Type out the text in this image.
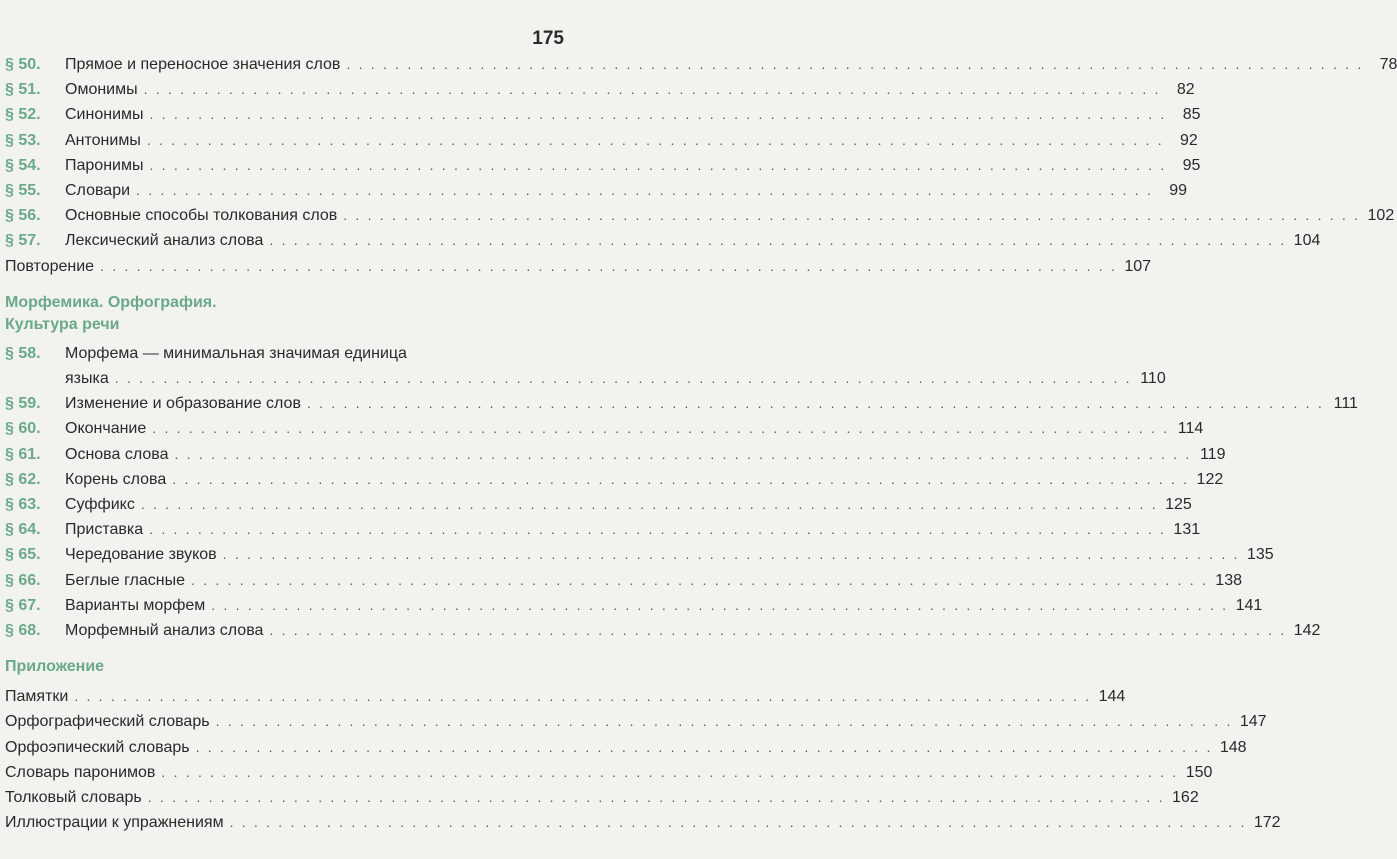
175
§ 50.	Прямое и переносное значения слов . . .	78
§ 51.	Омонимы . . .	82
§ 52.	Синонимы . . .	85
§ 53.	Антонимы . . .	92
§ 54.	Паронимы . . .	95
§ 55.	Словари . . .	99
§ 56.	Основные способы толкования слов . . .	102
§ 57.	Лексический анализ слова . . .	104
Повторение . . .	107
Морфемика. Орфография.
Культура речи
§ 58.	Морфема — минимальная значимая единица
языка . . .	110
§ 59.	Изменение и образование слов . . .	111
§ 60.	Окончание . . .	114
§ 61.	Основа слова . . .	119
§ 62.	Корень слова . . .	122
§ 63.	Суффикс . . .	125
§ 64.	Приставка . . .	131
§ 65.	Чередование звуков . . .	135
§ 66.	Беглые гласные . . .	138
§ 67.	Варианты морфем . . .	141
§ 68.	Морфемный анализ слова . . .	142
Приложение
Памятки . . .	144
Орфографический словарь . . .	147
Орфоэпический словарь . . .	148
Словарь паронимов . . .	150
Толковый словарь . . .	162
Иллюстрации к упражнениям . . .	172
